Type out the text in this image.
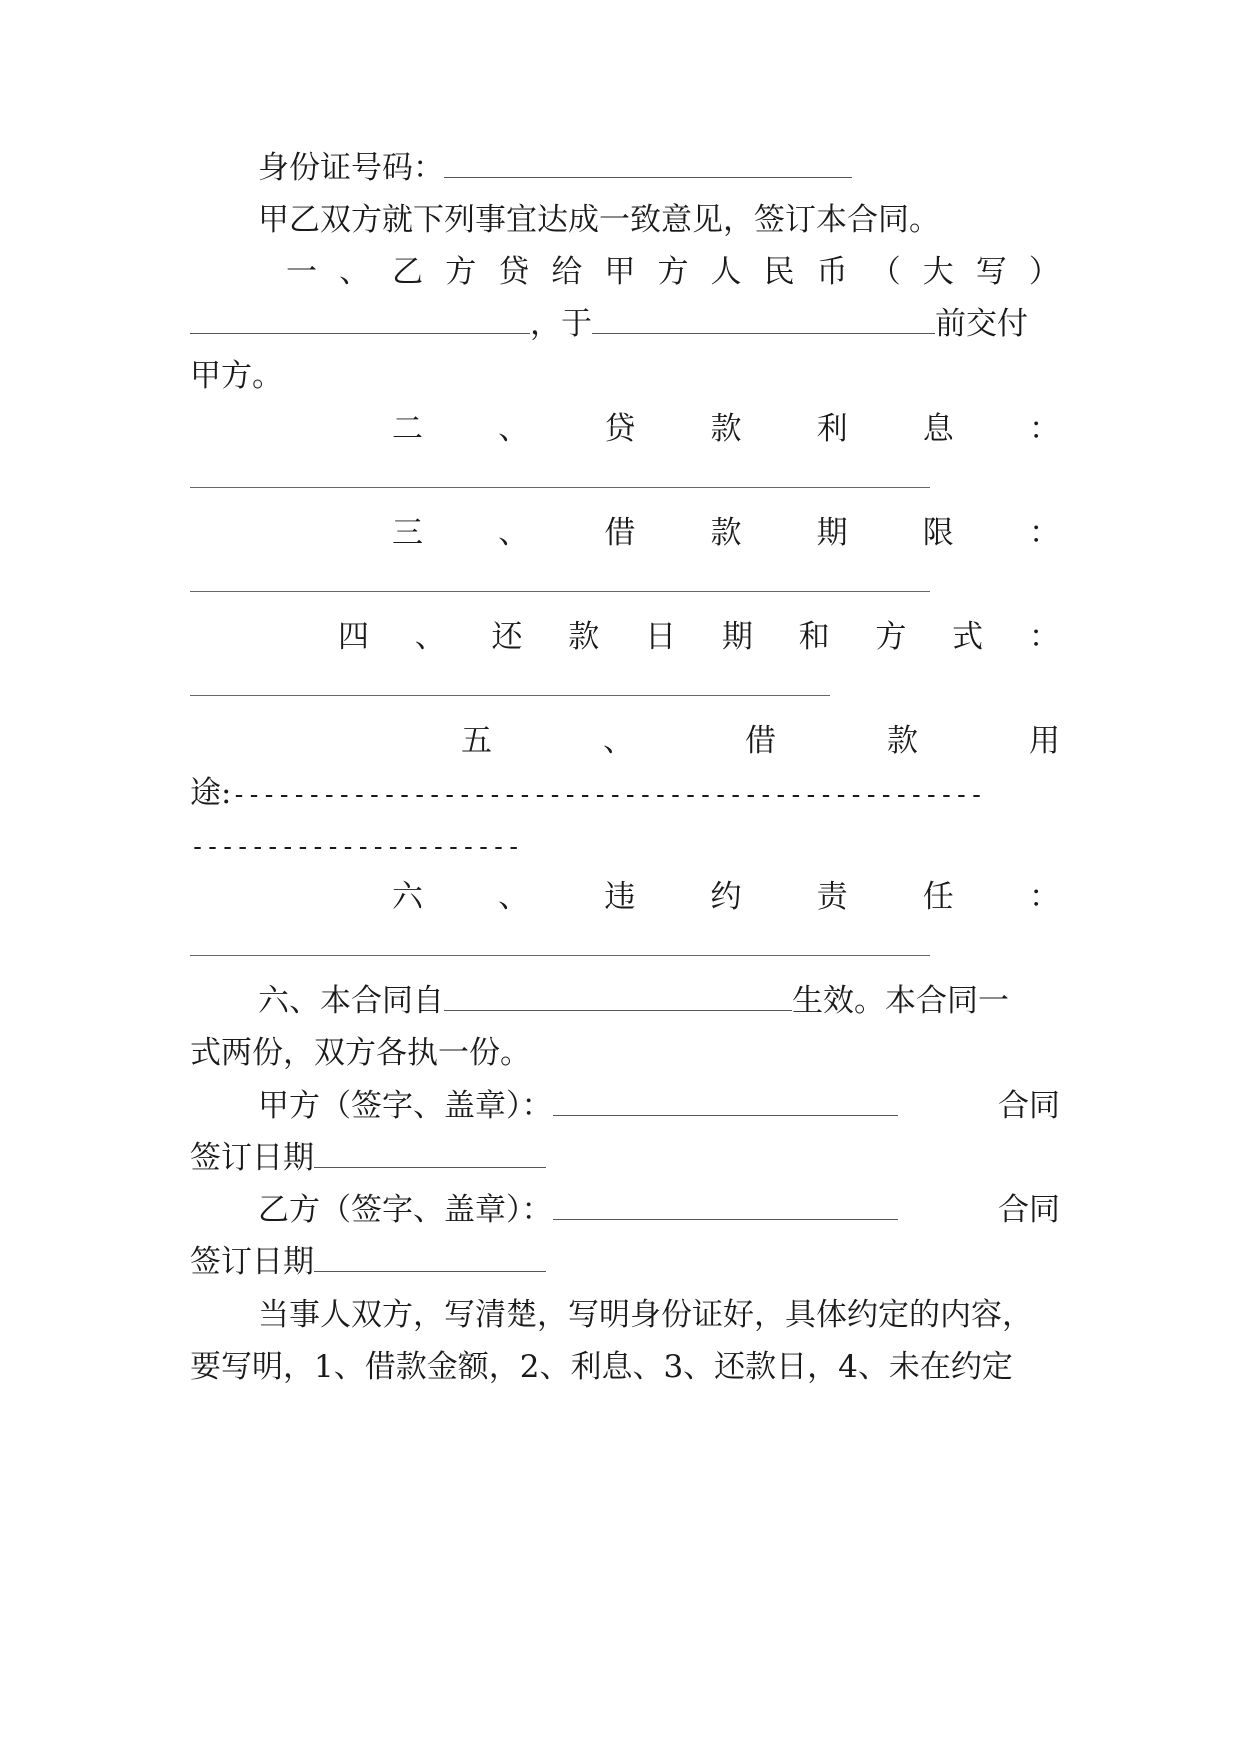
身份证号码：
甲乙双方就下列事宜达成一致意见，签订本合同。
一 、 乙 方 贷 给 甲 方 人 民 币 （ 大 写 ）
，于	前交付
甲方。
二 、 贷 款 利 息 ：
三 、 借 款 期 限 ：
四 、 还 款 日 期 和 方 式 ：
五	、	借	款	用
途:--------------------------------------------------
----------------------
六 、 违 约 责 任 ：
六、本合同自	生效。本合同一
式两份，双方各执一份。
甲方（签字、盖章）：	合同
签订日期
乙方（签字、盖章）：	合同
签订日期
当事人双方，写清楚，写明身份证好，具体约定的内容，
要写明，1、借款金额，2、利息、3、还款日，4、未在约定
